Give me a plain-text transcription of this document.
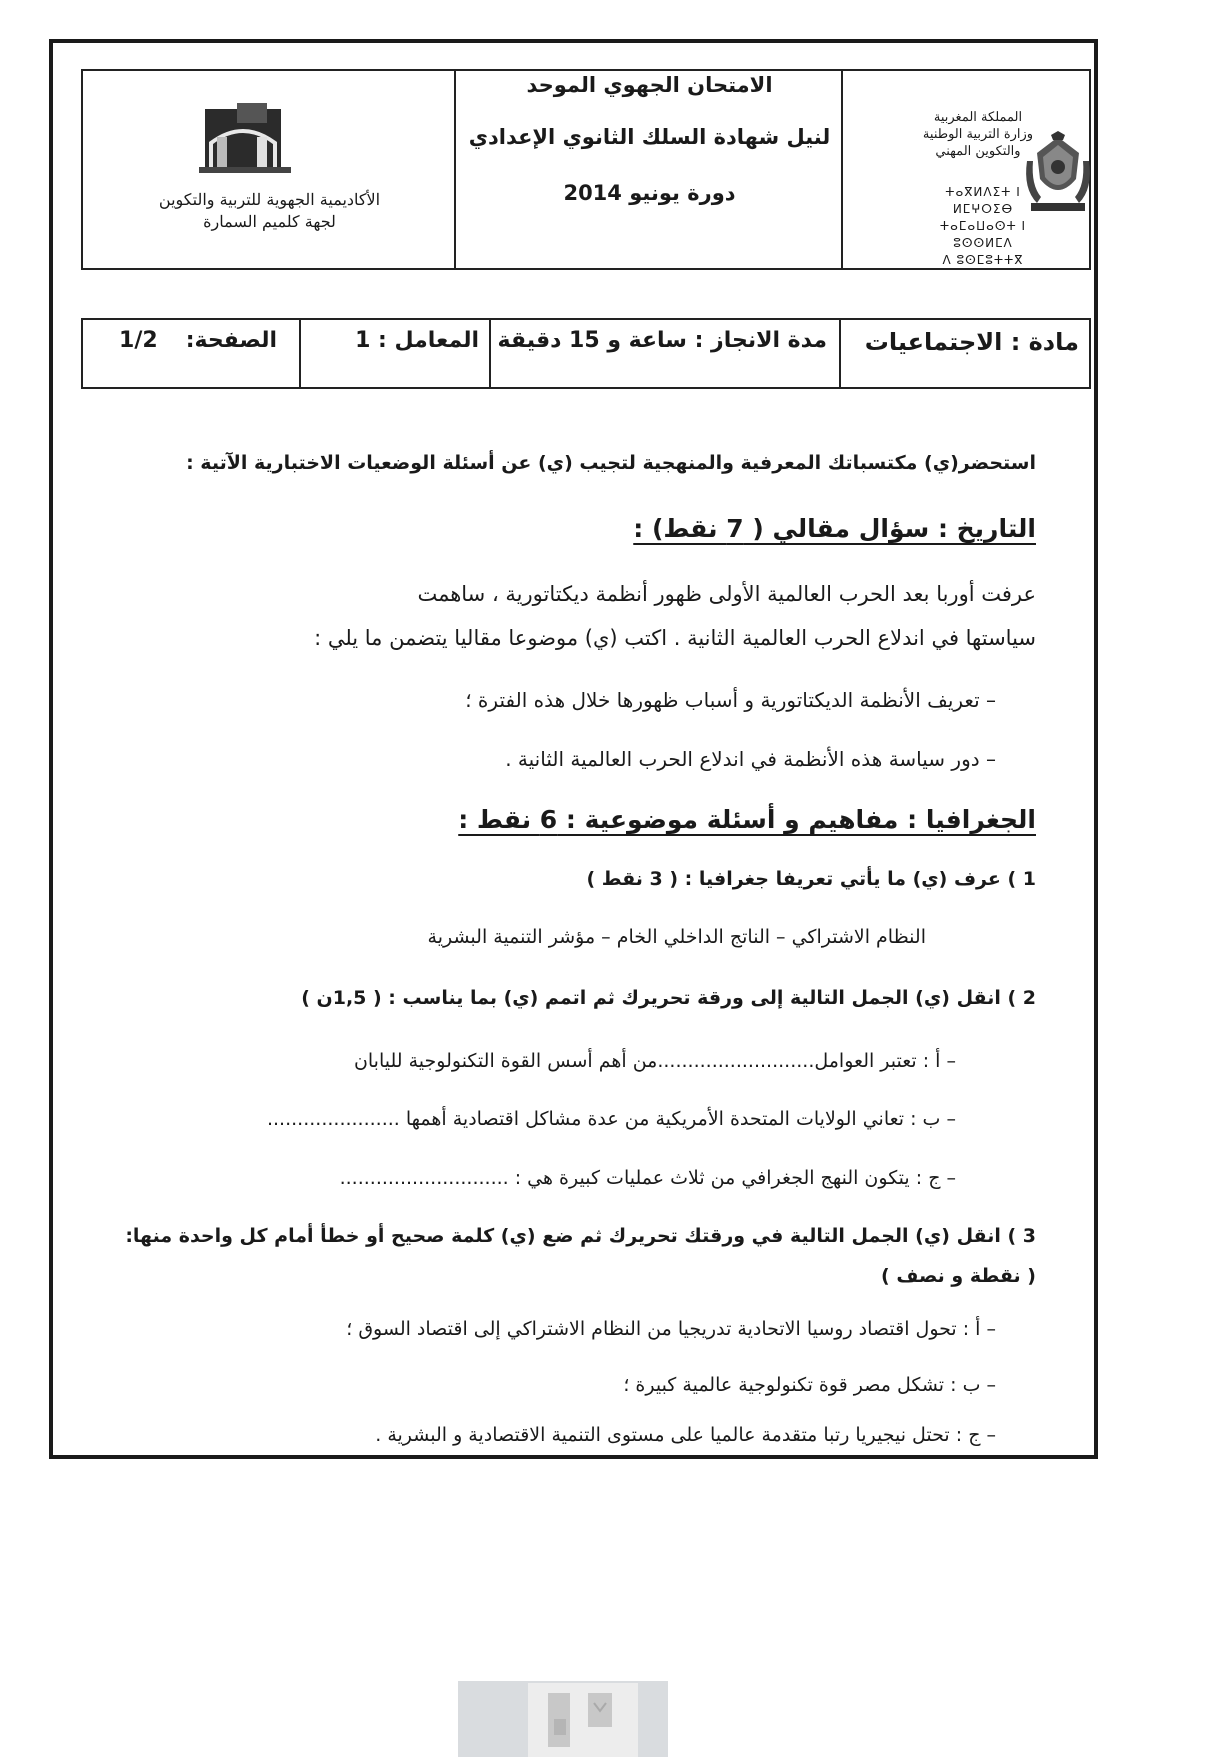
المملكة المغربية
وزارة التربية الوطنية
والتكوين المهني
ⵜⴰⴳⵍⴷⵉⵜ ⵏ ⵍⵎⵖⵔⵉⴱ
ⵜⴰⵎⴰⵡⴰⵙⵜ ⵏ ⵓⵙⵙⵍⵎⴷ
ⴷ ⵓⵙⵎⵓⵜⵜⴳ
الامتحان الجهوي الموحد
لنيل شهادة السلك الثانوي الإعدادي
دورة يونيو 2014
الأكاديمية الجهوية للتربية والتكوين
لجهة كلميم السمارة
مادة : الاجتماعيات
مدة الانجاز : ساعة و 15 دقيقة
المعامل : 1
الصفحة:
1/2
استحضر(ي) مكتسباتك المعرفية والمنهجية لتجيب (ي) عن أسئلة الوضعيات الاختبارية الآتية :
التاريخ : سؤال مقالي ( 7 نقط) :
عرفت أوربا بعد الحرب العالمية الأولى ظهور أنظمة ديكتاتورية ، ساهمت
سياستها في اندلاع الحرب العالمية الثانية . اكتب (ي) موضوعا مقاليا يتضمن ما يلي :
– تعريف الأنظمة الديكتاتورية و أسباب ظهورها خلال هذه الفترة ؛
– دور سياسة هذه الأنظمة في اندلاع الحرب العالمية الثانية .
الجغرافيا : مفاهيم و أسئلة موضوعية : 6 نقط :
1 ) عرف (ي) ما يأتي تعريفا جغرافيا : ( 3 نقط )
النظام الاشتراكي – الناتج الداخلي الخام – مؤشر التنمية البشرية
2 ) انقل (ي) الجمل التالية إلى ورقة تحريرك ثم اتمم (ي) بما يناسب : ( 1,5ن )
– أ : تعتبر العوامل..........................من أهم أسس القوة التكنولوجية لليابان
– ب : تعاني الولايات المتحدة الأمريكية من عدة مشاكل اقتصادية أهمها ......................
– ج : يتكون النهج الجغرافي من ثلاث عمليات كبيرة هي : ............................
3 ) انقل (ي) الجمل التالية في ورقتك تحريرك ثم ضع (ي) كلمة صحيح أو خطأ أمام كل واحدة منها:
( نقطة و نصف )
– أ : تحول اقتصاد روسيا الاتحادية تدريجيا من النظام الاشتراكي إلى اقتصاد السوق ؛
– ب : تشكل مصر قوة تكنولوجية عالمية كبيرة ؛
– ج : تحتل نيجيريا رتبا متقدمة عالميا على مستوى التنمية الاقتصادية و البشرية .
